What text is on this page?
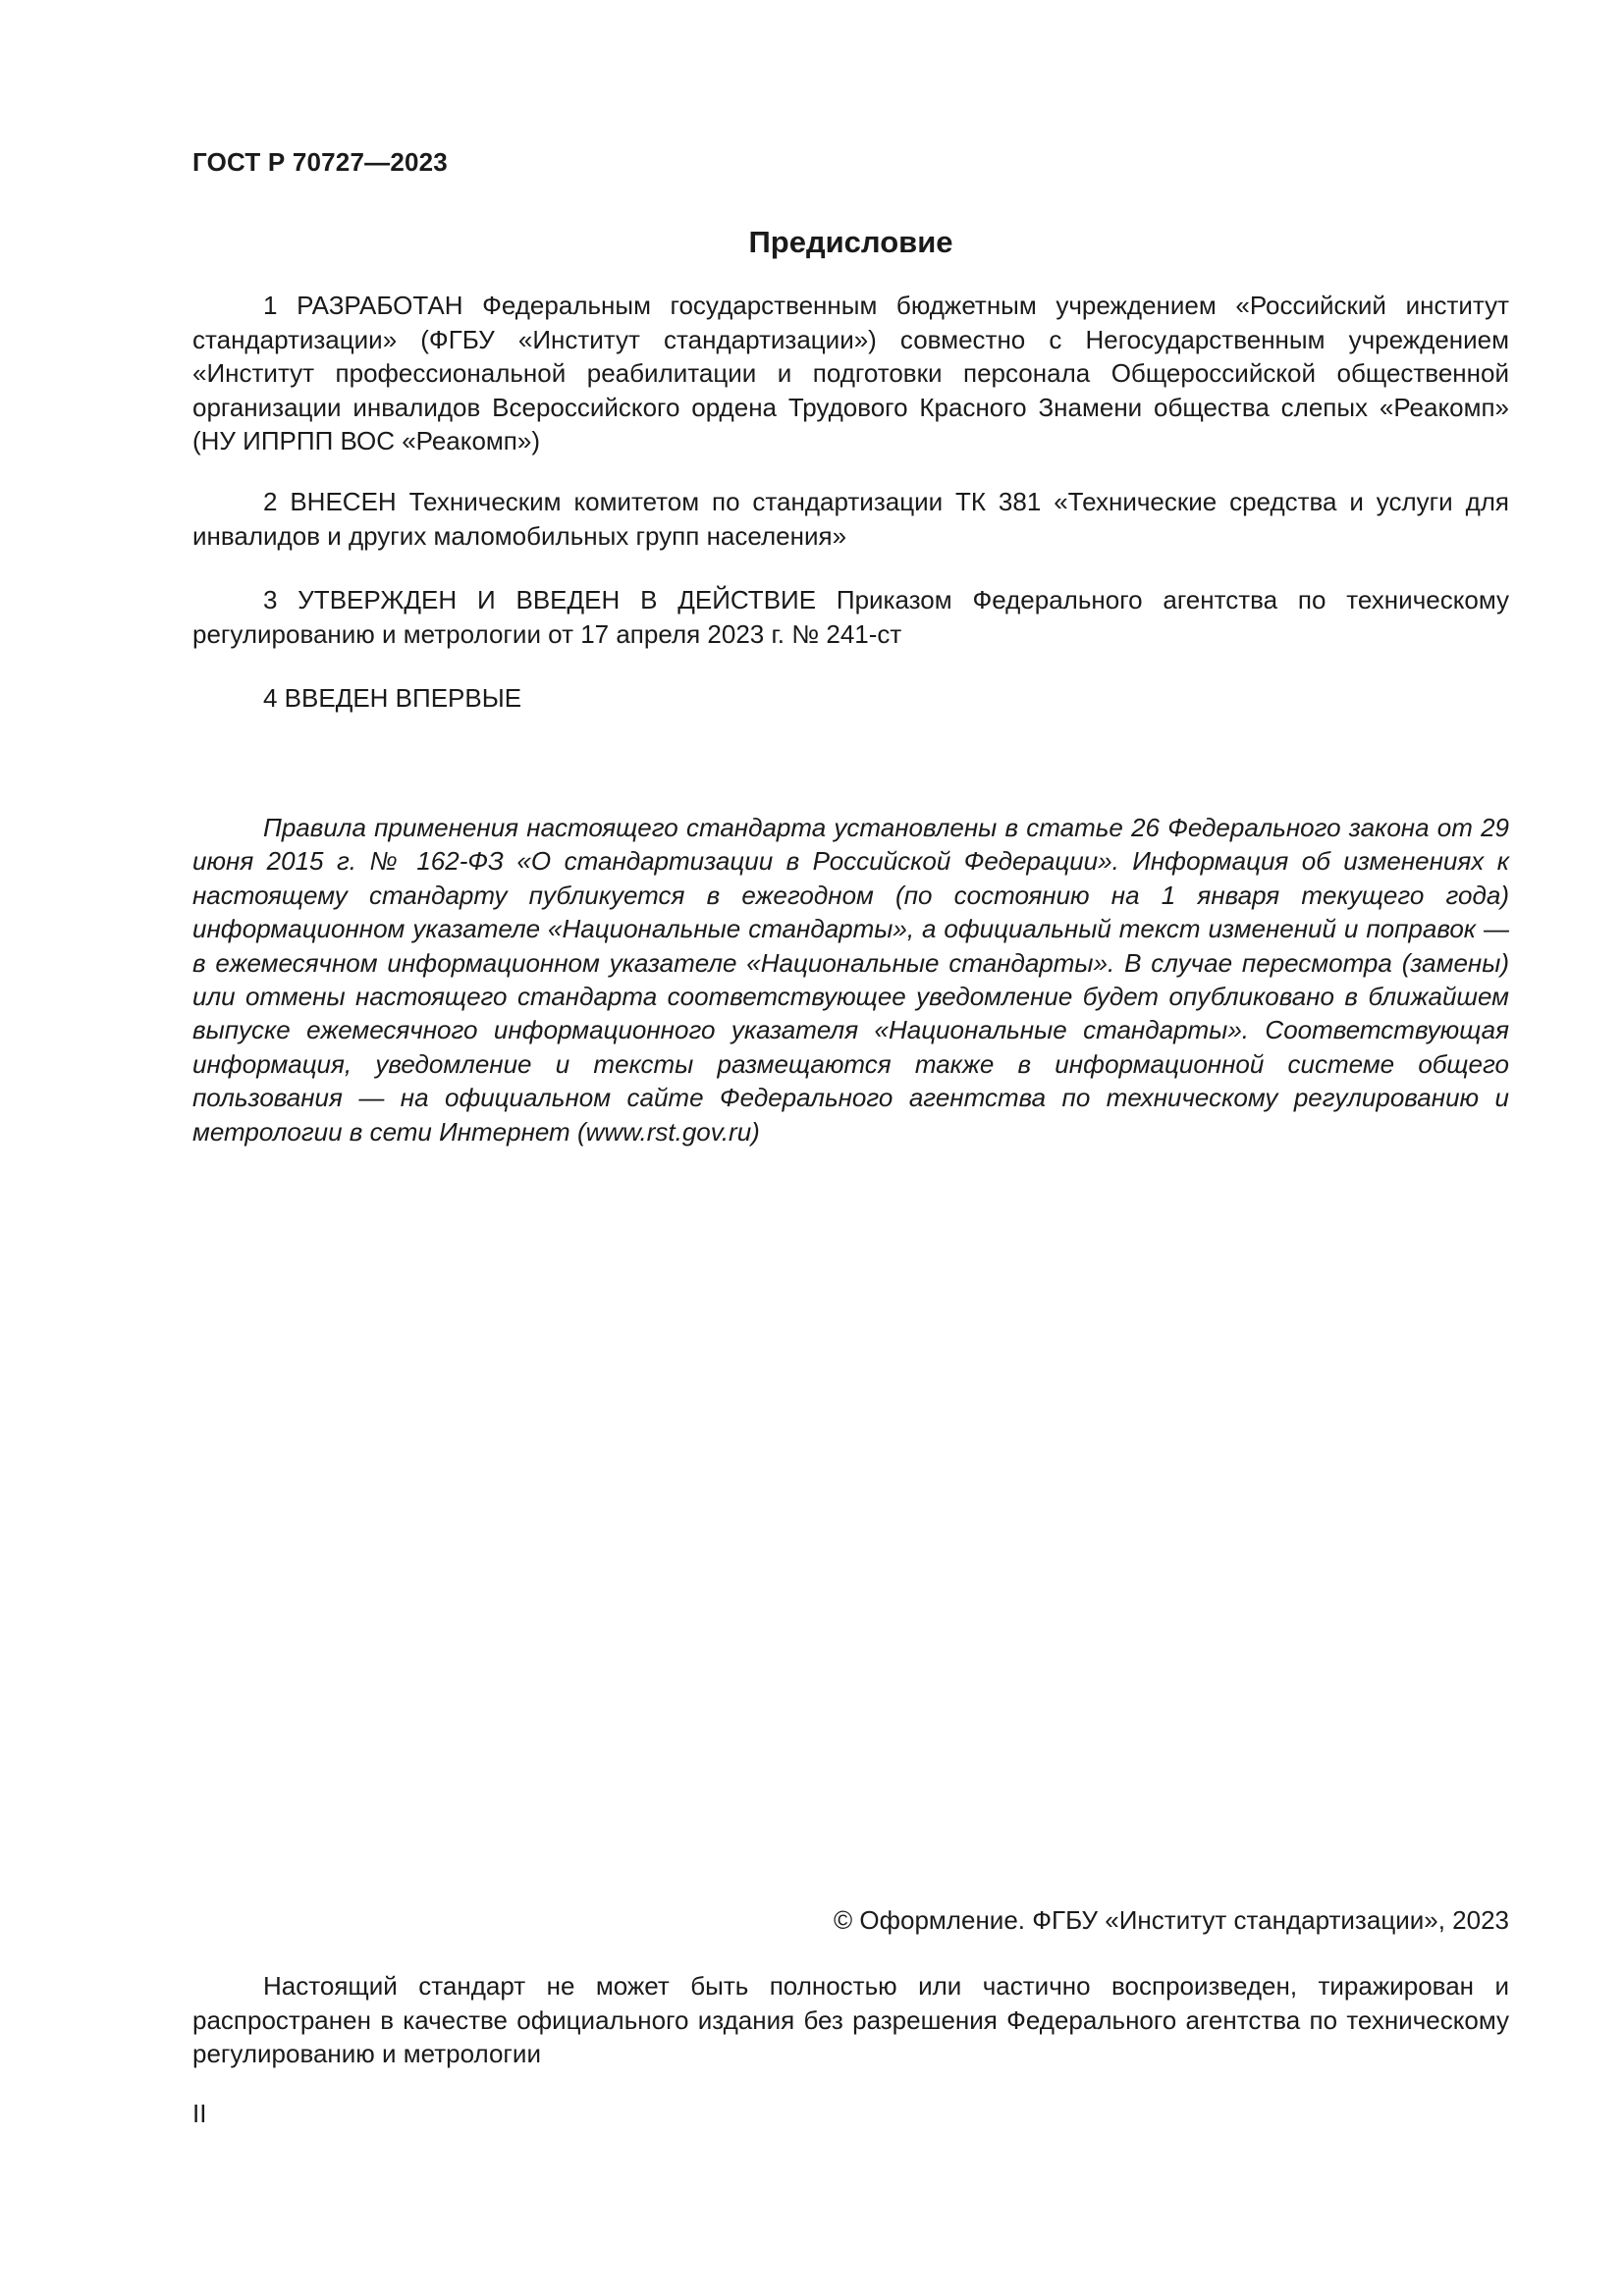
ГОСТ Р 70727—2023
Предисловие

1 РАЗРАБОТАН Федеральным государственным бюджетным учреждением «Российский институт стандартизации» (ФГБУ «Институт стандартизации») совместно с Негосударственным учреждением «Институт профессиональной реабилитации и подготовки персонала Общероссийской общественной организации инвалидов Всероссийского ордена Трудового Красного Знамени общества слепых «Реакомп» (НУ ИПРПП ВОС «Реакомп»)

2 ВНЕСЕН Техническим комитетом по стандартизации ТК 381 «Технические средства и услуги для инвалидов и других маломобильных групп населения»

3 УТВЕРЖДЕН И ВВЕДЕН В ДЕЙСТВИЕ Приказом Федерального агентства по техническому регулированию и метрологии от 17 апреля 2023 г. № 241-ст

4 ВВЕДЕН ВПЕРВЫЕ

Правила применения настоящего стандарта установлены в статье 26 Федерального закона от 29 июня 2015 г. № 162-ФЗ «О стандартизации в Российской Федерации». Информация об изменениях к настоящему стандарту публикуется в ежегодном (по состоянию на 1 января текущего года) информационном указателе «Национальные стандарты», а официальный текст изменений и поправок — в ежемесячном информационном указателе «Национальные стандарты». В случае пересмотра (замены) или отмены настоящего стандарта соответствующее уведомление будет опубликовано в ближайшем выпуске ежемесячного информационного указателя «Национальные стандарты». Соответствующая информация, уведомление и тексты размещаются также в информационной системе общего пользования — на официальном сайте Федерального агентства по техническому регулированию и метрологии в сети Интернет (www.rst.gov.ru)

© Оформление. ФГБУ «Институт стандартизации», 2023

Настоящий стандарт не может быть полностью или частично воспроизведен, тиражирован и распространен в качестве официального издания без разрешения Федерального агентства по техническому регулированию и метрологии

II
